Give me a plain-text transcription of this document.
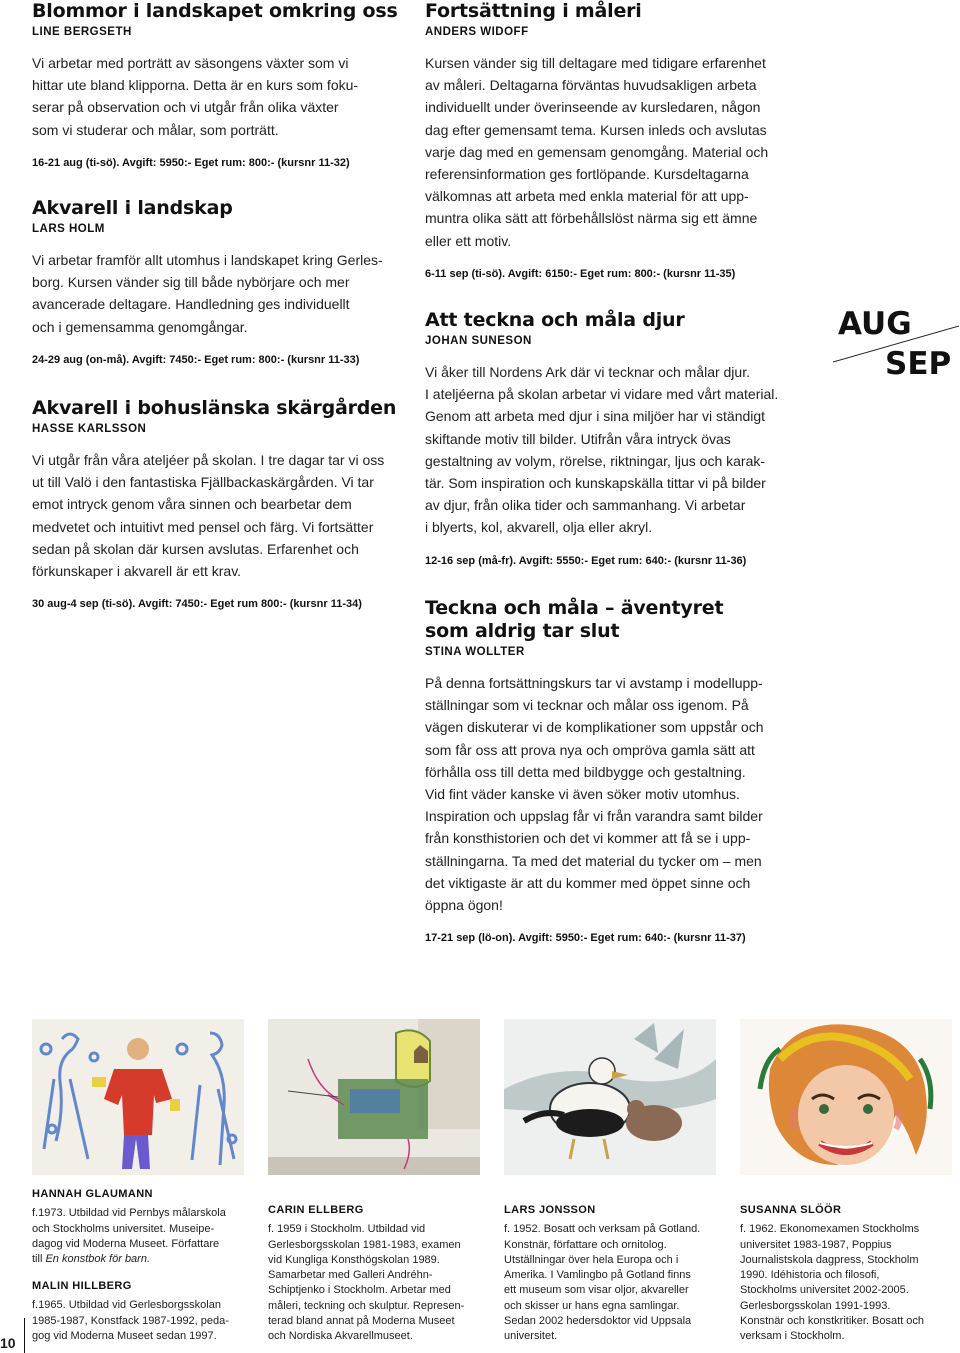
Blommor i landskapet omkring oss
LINE BERGSETH
Vi arbetar med porträtt av säsongens växter som vi
hittar ute bland klipporna. Detta är en kurs som foku-
serar på observation och vi utgår från olika växter
som vi studerar och målar, som porträtt.
16-21 aug (ti-sö). Avgift: 5950:- Eget rum: 800:- (kursnr 11-32)
Akvarell i landskap
LARS HOLM
Vi arbetar framför allt utomhus i landskapet kring Gerles-
borg. Kursen vänder sig till både nybörjare och mer
avancerade deltagare. Handledning ges individuellt
och i gemensamma genomgångar.
24-29 aug (on-må). Avgift: 7450:- Eget rum: 800:- (kursnr 11-33)
Akvarell i bohuslänska skärgården
HASSE KARLSSON
Vi utgår från våra ateljéer på skolan. I tre dagar tar vi oss
ut till Valö i den fantastiska Fjällbackaskärgården. Vi tar
emot intryck genom våra sinnen och bearbetar dem
medvetet och intuitivt med pensel och färg. Vi fortsätter
sedan på skolan där kursen avslutas. Erfarenhet och
förkunskaper i akvarell är ett krav.
30 aug-4 sep (ti-sö). Avgift: 7450:- Eget rum 800:- (kursnr 11-34)
Fortsättning i måleri
ANDERS WIDOFF
Kursen vänder sig till deltagare med tidigare erfarenhet
av måleri. Deltagarna förväntas huvudsakligen arbeta
individuellt under överinseende av kursledaren, någon
dag efter gemensamt tema. Kursen inleds och avslutas
varje dag med en gemensam genomgång. Material och
referensinformation ges fortlöpande. Kursdeltagarna
välkomnas att arbeta med enkla material för att upp-
muntra olika sätt att förbehållslöst närma sig ett ämne
eller ett motiv.
6-11 sep (ti-sö). Avgift: 6150:- Eget rum: 800:- (kursnr 11-35)
Att teckna och måla djur
JOHAN SUNESON
Vi åker till Nordens Ark där vi tecknar och målar djur.
I ateljéerna på skolan arbetar vi vidare med vårt material.
Genom att arbeta med djur i sina miljöer har vi ständigt
skiftande motiv till bilder. Utifrån våra intryck övas
gestaltning av volym, rörelse, riktningar, ljus och karak-
tär. Som inspiration och kunskapskälla tittar vi på bilder
av djur, från olika tider och sammanhang. Vi arbetar
i blyerts, kol, akvarell, olja eller akryl.
12-16 sep (må-fr). Avgift: 5550:- Eget rum: 640:- (kursnr 11-36)
Teckna och måla – äventyret
som aldrig tar slut
STINA WOLLTER
På denna fortsättningskurs tar vi avstamp i modellupp-
ställningar som vi tecknar och målar oss igenom. På
vägen diskuterar vi de komplikationer som uppstår och
som får oss att prova nya och ompröva gamla sätt att
förhålla oss till detta med bildbygge och gestaltning.
Vid fint väder kanske vi även söker motiv utomhus.
Inspiration och uppslag får vi från varandra samt bilder
från konsthistorien och det vi kommer att få se i upp-
ställningarna. Ta med det material du tycker om – men
det viktigaste är att du kommer med öppet sinne och
öppna ögon!
17-21 sep (lö-on). Avgift: 5950:- Eget rum: 640:- (kursnr 11-37)
AUG
SEP
HANNAH GLAUMANN
f.1973. Utbildad vid Pernbys målarskola
och Stockholms universitet. Museipe-
dagog vid Moderna Museet. Författare
till En konstbok för barn.
MALIN HILLBERG
f.1965. Utbildad vid Gerlesborgsskolan
1985-1987, Konstfack 1987-1992, peda-
gog vid Moderna Museet sedan 1997.
CARIN ELLBERG
f. 1959 i Stockholm. Utbildad vid
Gerlesborgsskolan 1981-1983, examen
vid Kungliga Konsthögskolan 1989.
Samarbetar med Galleri Andréhn-
Schiptjenko i Stockholm. Arbetar med
måleri, teckning och skulptur. Represen-
terad bland annat på Moderna Museet
och Nordiska Akvarellmuseet.
LARS JONSSON
f. 1952. Bosatt och verksam på Gotland.
Konstnär, författare och ornitolog.
Utställningar över hela Europa och i
Amerika. I Vamlingbo på Gotland finns
ett museum som visar oljor, akvareller
och skisser ur hans egna samlingar.
Sedan 2002 hedersdoktor vid Uppsala
universitet.
SUSANNA SLÖÖR
f. 1962. Ekonomexamen Stockholms
universitet 1983-1987, Poppius
Journalistskola dagpress, Stockholm
1990. Idéhistoria och filosofi,
Stockholms universitet 2002-2005.
Gerlesborgsskolan 1991-1993.
Konstnär och konstkritiker. Bosatt och
verksam i Stockholm.
10
